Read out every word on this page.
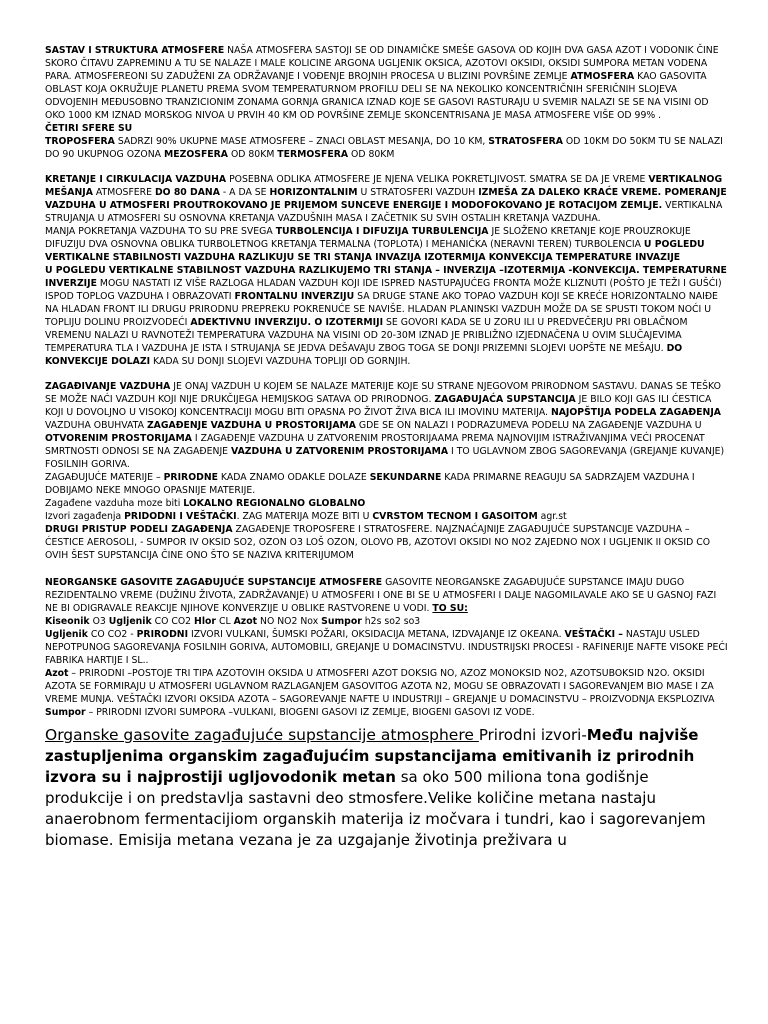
SASTAV I STRUKTURA ATMOSFERE NAŠA ATMOSFERA SASTOJI SE OD DINAMIČKE SMEŠE GASOVA OD KOJIH DVA GASA AZOT I VODONIK ČINE SKORO ČITAVU ZAPREMINU A TU SE NALAZE I MALE KOLICINE ARGONA UGLJENIK OKSICA, AZOTOVI OKSIDI, OKSIDI SUMPORA METAN VODENA PARA. ATMOSFEREONI SU ZADUŽENI ZA ODRŽAVANJE I VOĐENJE BROJNIH PROCESA U BLIZINI POVRŠINE ZEMLJE ATMOSFERA KAO GASOVITA OBLAST KOJA OKRUŽUJE PLANETU PREMA SVOM TEMPERATURNOM PROFILU DELI SE NA NEKOLIKO KONCENTRIČNIH SFERIČNIH SLOJEVA ODVOJENIH MEĐUSOBNO TRANZICIONIM ZONAMA GORNJA GRANICA IZNAD KOJE SE GASOVI RASTURAJU U SVEMIR NALAZI SE SE NA VISINI OD OKO 1000 KM IZNAD MORSKOG NIVOA U PRVIH 40 KM OD POVRŠINE ZEMLJE SKONCENTRISANA JE MASA ATMOSFERE VIŠE OD 99% .

ČETIRI SFERE SU

TROPOSFERA SADRZI 90% UKUPNE MASE ATMOSFERE – ZNACI OBLAST MESANJA, DO 10 KM, STRATOSFERA OD 10KM DO 50KM TU SE NALAZI DO 90 UKUPNOG OZONA MEZOSFERA OD 80KM TERMOSFERA OD 80KM

KRETANJE I CIRKULACIJA VAZDUHA POSEBNA ODLIKA ATMOSFERE JE NJENA VELIKA POKRETLJIVOST. SMATRA SE DA JE VREME VERTIKALNOG MEŠANJA ATMOSFERE DO 80 DANA - A DA SE HORIZONTALNIM U STRATOSFERI VAZDUH IZMEŠA ZA DALEKO KRAĆE VREME. POMERANJE VAZDUHA U ATMOSFERI PROUTROKOVANO JE PRIJEMOM SUNCEVE ENERGIJE I MODOFOKOVANO JE ROTACIJOM ZEMLJE. VERTIKALNA STRUJANJA U ATMOSFERI SU OSNOVNA KRETANJA VAZDUŠNIH MASA I ZAČETNIK SU SVIH OSTALIH KRETANJA VAZDUHA.

MANJA POKRETANJA VAZDUHA TO SU PRE SVEGA TURBOLENCIJA I DIFUZIJA TURBULENCIJA JE SLOŽENO KRETANJE KOJE PROUZROKUJE DIFUZIJU DVA OSNOVNA OBLIKA TURBOLETNOG KRETANJA TERMALNA (TOPLOTA) I MEHANIĆKA (NERAVNI TEREN) TURBOLENCIA U POGLEDU VERTIKALNE STABILNOSTI VAZDUHA RAZLIKUJU SE TRI STANJA INVAZIJA IZOTERMIJA KONVEKCIJA TEMPERATURE INVAZIJE

U POGLEDU VERTIKALNE STABILNOST VAZDUHA RAZLIKUJEMO TRI STANJA – INVERZIJA –IZOTERMIJA -KONVEKCIJA. TEMPERATURNE INVERZIJE MOGU NASTATI IZ VIŠE RAZLOGA HLADAN VAZDUH KOJI IDE ISPRED NASTUPAJUĆEG FRONTA MOŽE KLIZNUTI (POŠTO JE TEŽI I GUŠĆI) ISPOD TOPLOG VAZDUHA I OBRAZOVATI FRONTALNU INVERZIJU SA DRUGE STANE AKO TOPAO VAZDUH KOJI SE KREĆE HORIZONTALNO NAIĐE NA HLADAN FRONT ILI DRUGU PRIRODNU PREPREKU POKRENUĆE SE NAVIŠE. HLADAN PLANINSKI VAZDUH MOŽE DA SE SPUSTI TOKOM NOĆI U TOPLIJU DOLINU PROIZVODEĆI ADEKTIVNU INVERZIJU. O IZOTERMIJI SE GOVORI KADA SE U ZORU ILI U PREDVEČERJU PRI OBLAČNOM VREMENU NALAZI U RAVNOTEŽI TEMPERATURA VAZDUHA NA VISINI OD 20-30M IZNAD JE PRIBLIŽNO IZJEDNAČENA U OVIM SLUČAJEVIMA TEMPERATURA TLA I VAZDUHA JE ISTA I STRUJANJA SE JEDVA DEŠAVAJU ZBOG TOGA SE DONJI PRIZEMNI SLOJEVI UOPŠTE NE MEŠAJU. DO KONVEKCIJE DOLAZI KADA SU DONJI SLOJEVI VAZDUHA TOPLIJI OD GORNJIH.

ZAGAĐIVANJE VAZDUHA JE ONAJ VAZDUH U KOJEM SE NALAZE MATERIJE KOJE SU STRANE NJEGOVOM PRIRODNOM SASTAVU. DANAS SE TEŠKO SE MOŽE NAĆI VAZDUH KOJI NIJE DRUKČIJEGA HEMIJSKOG SATAVA OD PRIRODNOG. ZAGAĐUJAĆA SUPSTANCIJA JE BILO KOJI GAS ILI ĆESTICA KOJI U DOVOLJNO U VISOKOJ KONCENTRACIJI MOGU BITI OPASNA PO ŽIVOT ŽIVA BICA ILI IMOVINU MATERIJA. NAJOPŠTIJA PODELA ZAGAĐENJA VAZDUHA OBUHVATA ZAGAĐENJE VAZDUHA U PROSTORIJAMA GDE SE ON NALAZI I PODRAZUMEVA PODELU NA ZAGAĐENJE VAZDUHA U OTVORENIM PROSTORIJAMA I ZAGAĐENJE VAZDUHA U ZATVORENIM PROSTORIJAAMA PREMA NAJNOVIJIM ISTRAŽIVANJIMA VEĆI PROCENAT SMRTNOSTI ODNOSI SE NA ZAGAĐENJE VAZDUHA U ZATVORENIM PROSTORIJAMA I TO UGLAVNOM ZBOG SAGOREVANJA (GREJANJE KUVANJE) FOSILNIH GORIVA.

ZAGAĐUJUĆE MATERIJE – PRIRODNE KADA ZNAMO ODAKLE DOLAZE SEKUNDARNE KADA PRIMARNE REAGUJU SA SADRZAJEM VAZDUHA I DOBIJAMO NEKE MNOGO OPASNIJE MATERIJE.

Zagađene vazduha moze biti LOKALNO REGIONALNO GLOBALNO

Izvori zagađenja PRIDODNI I VEŠTAČKI. ZAG MATERIJA MOZE BITI U CVRSTOM TECNOM I GASOITOM agr.st

DRUGI PRISTUP PODELI ZAGAĐENJA ZAGAĐENJE TROPOSFERE I STRATOSFERE. NAJZNAĆAJNIJE ZAGAĐUJUĆE SUPSTANCIJE VAZDUHA – ĆESTICE AEROSOLI, - SUMPOR IV OKSID SO2, OZON O3 LOŠ OZON, OLOVO PB, AZOTOVI OKSIDI NO NO2 ZAJEDNO NOX I UGLJENIK II OKSID CO OVIH ŠEST SUPSTANCIJA ČINE ONO ŠTO SE NAZIVA KRITERIJUMOM

NEORGANSKE GASOVITE ZAGAĐUJUĆE SUPSTANCIJE ATMOSFERE GASOVITE NEORGANSKE ZAGAĐUJUĆE SUPSTANCE IMAJU DUGO REZIDENTALNO VREME (DUŽINU ŽIVOTA, ZADRŽAVANJE) U ATMOSFERI I ONE BI SE U ATMOSFERI I DALJE NAGOMILAVALE AKO SE U GASNOJ FAZI NE BI ODIGRAVALE REAKCIJE NJIHOVE KONVERZIJE U OBLIKE RASTVORENE U VODI. TO SU:

Kiseonik O3 Ugljenik CO CO2 Hlor CL Azot NO NO2 Nox Sumpor h2s so2 so3

Ugljenik CO CO2 - PRIRODNI IZVORI VULKANI, ŠUMSKI POŽARI, OKSIDACIJA METANA, IZDVAJANJE IZ OKEANA. VEŠTAČKI – NASTAJU USLED NEPOTPUNOG SAGOREVANJA FOSILNIH GORIVA, AUTOMOBILI, GREJANJE U DOMACINSTVU. INDUSTRIJSKI PROCESI - RAFINERIJE NAFTE VISOKE PEĆI FABRIKA HARTIJE I SL..

Azot – PRIRODNI –POSTOJE TRI TIPA AZOTOVIH OKSIDA U ATMOSFERI AZOT DOKSIG NO, AZOZ MONOKSID NO2, AZOTSUBOKSID N2O. OKSIDI AZOTA SE FORMIRAJU U ATMOSFERI UGLAVNOM RAZLAGANJEM GASOVITOG AZOTA N2, MOGU SE OBRAZOVATI I SAGOREVANJEM BIO MASE I ZA VREME MUNJA. VEŠTAČKI IZVORI OKSIDA AZOTA – SAGOREVANJE NAFTE U INDUSTRIJI – GREJANJE U DOMACINSTVU – PROIZVODNJA EKSPLOZIVA

Sumpor – PRIRODNI IZVORI SUMPORA –VULKANI, BIOGENI GASOVI IZ ZEMLJE, BIOGENI GASOVI IZ VODE.

Organske gasovite zagađujuće supstancije atmosphere Prirodni izvori-Među najviše zastupljenima organskim zagađujućim supstancijama emitivanih iz prirodnih izvora su i najprostiji ugljovodonik metan sa oko 500 miliona tona godišnje produkcije i on predstavlja sastavni deo stmosfere.Velike količine metana nastaju anaerobnom fermentacijiom organskih materija iz močvara i tundri, kao i sagorevanjem biomase. Emisija metana vezana je za uzgajanje životinja preživara u
